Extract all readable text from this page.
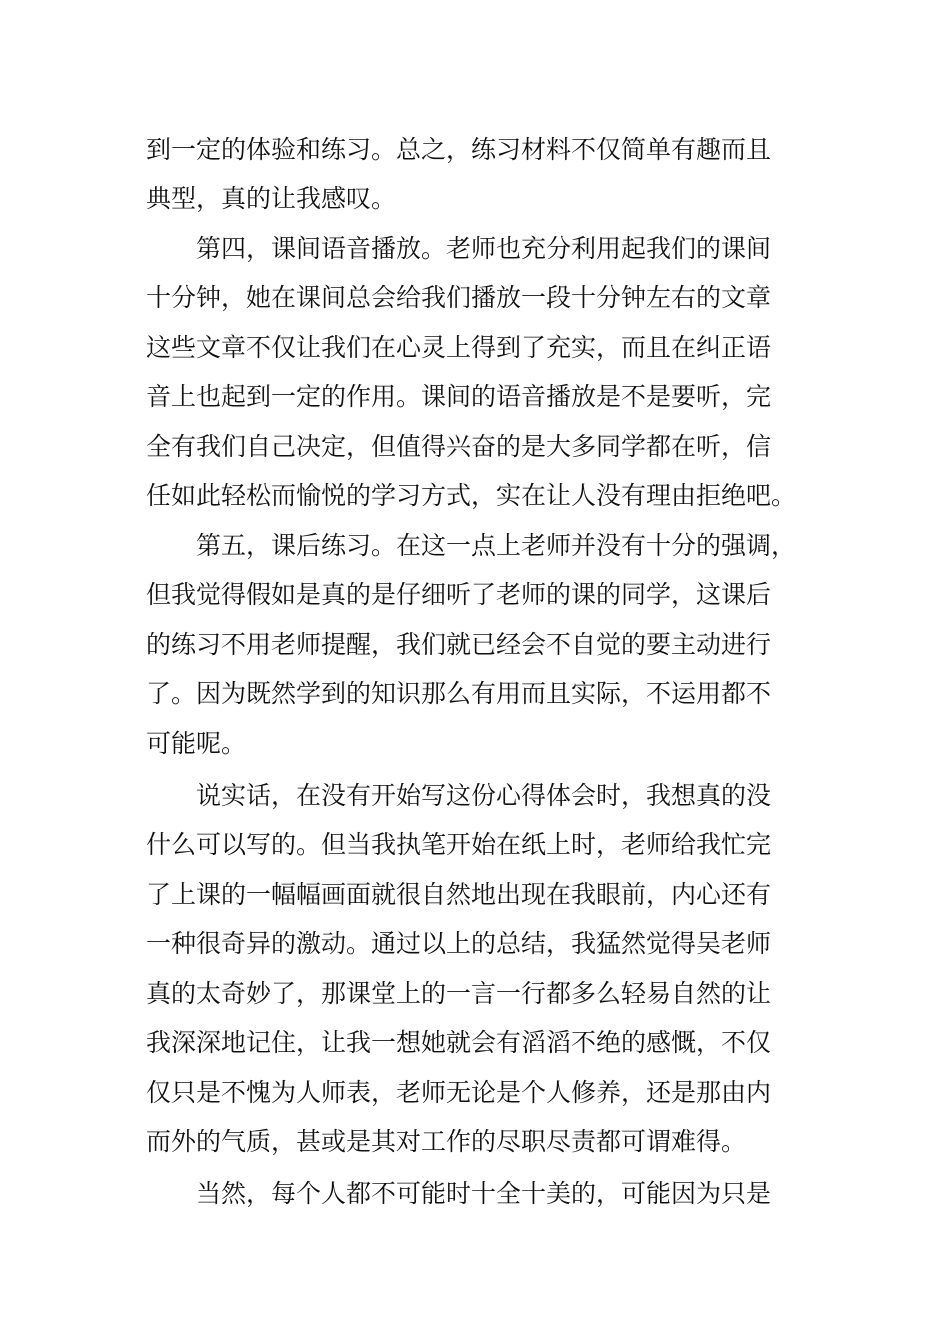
到一定的体验和练习。总之，练习材料不仅简单有趣而且
典型，真的让我感叹。
　　第四，课间语音播放。老师也充分利用起我们的课间
十分钟，她在课间总会给我们播放一段十分钟左右的文章
这些文章不仅让我们在心灵上得到了充实，而且在纠正语
音上也起到一定的作用。课间的语音播放是不是要听，完
全有我们自己决定，但值得兴奋的是大多同学都在听，信
任如此轻松而愉悦的学习方式，实在让人没有理由拒绝吧。
　　第五，课后练习。在这一点上老师并没有十分的强调，
但我觉得假如是真的是仔细听了老师的课的同学，这课后
的练习不用老师提醒，我们就已经会不自觉的要主动进行
了。因为既然学到的知识那么有用而且实际，不运用都不
可能呢。
　　说实话，在没有开始写这份心得体会时，我想真的没
什么可以写的。但当我执笔开始在纸上时，老师给我忙完
了上课的一幅幅画面就很自然地出现在我眼前，内心还有
一种很奇异的激动。通过以上的总结，我猛然觉得吴老师
真的太奇妙了，那课堂上的一言一行都多么轻易自然的让
我深深地记住，让我一想她就会有滔滔不绝的感慨，不仅
仅只是不愧为人师表，老师无论是个人修养，还是那由内
而外的气质，甚或是其对工作的尽职尽责都可谓难得。
　　当然，每个人都不可能时十全十美的，可能因为只是
